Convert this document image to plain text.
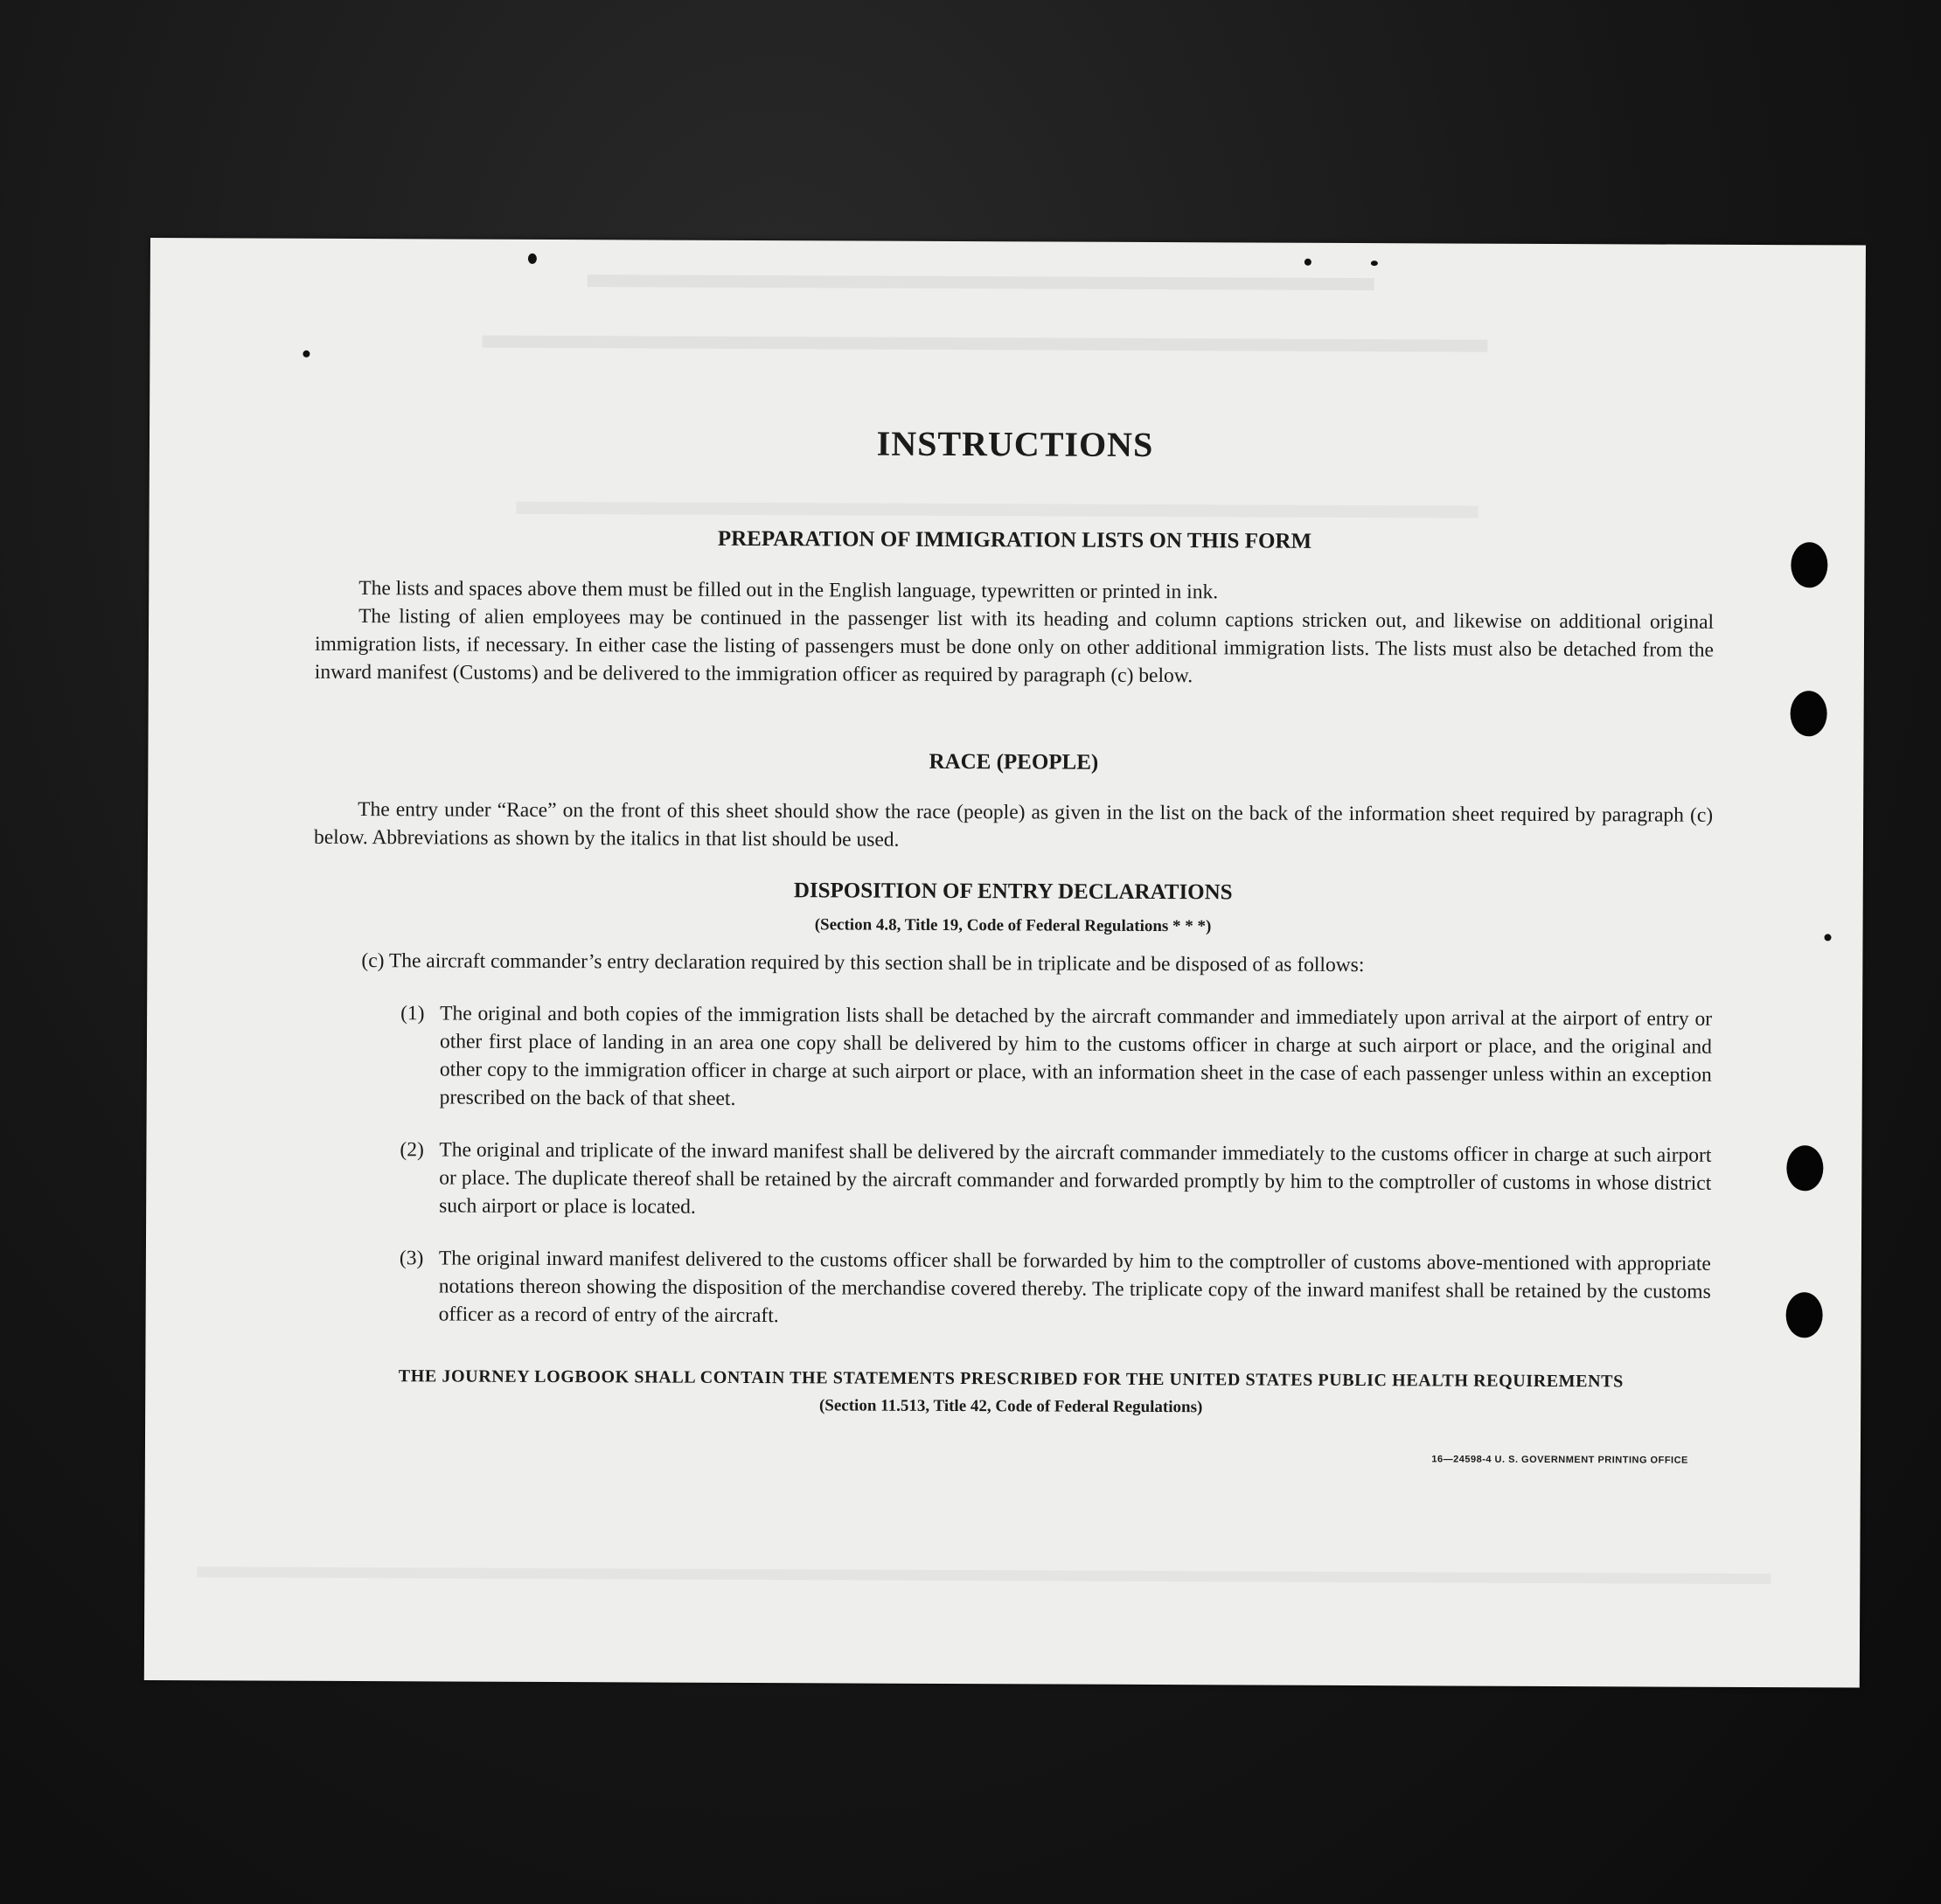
INSTRUCTIONS
PREPARATION OF IMMIGRATION LISTS ON THIS FORM

The lists and spaces above them must be filled out in the English language, typewritten or printed in ink.

The listing of alien employees may be continued in the passenger list with its heading and column captions stricken out, and likewise on additional original immigration lists, if necessary. In either case the listing of passengers must be done only on other additional immigration lists. The lists must also be detached from the inward manifest (Customs) and be delivered to the immigration officer as required by paragraph (c) below.

RACE (PEOPLE)

The entry under “Race” on the front of this sheet should show the race (people) as given in the list on the back of the information sheet required by paragraph (c) below. Abbreviations as shown by the italics in that list should be used.

DISPOSITION OF ENTRY DECLARATIONS
(Section 4.8, Title 19, Code of Federal Regulations * * *)

(c) The aircraft commander’s entry declaration required by this section shall be in triplicate and be disposed of as follows:

(1) The original and both copies of the immigration lists shall be detached by the aircraft commander and immediately upon arrival at the airport of entry or other first place of landing in an area one copy shall be delivered by him to the customs officer in charge at such airport or place, and the original and other copy to the immigration officer in charge at such airport or place, with an information sheet in the case of each passenger unless within an exception prescribed on the back of that sheet.
(2) The original and triplicate of the inward manifest shall be delivered by the aircraft commander immediately to the customs officer in charge at such airport or place. The duplicate thereof shall be retained by the aircraft commander and forwarded promptly by him to the comptroller of customs in whose district such airport or place is located.
(3) The original inward manifest delivered to the customs officer shall be forwarded by him to the comptroller of customs above-mentioned with appropriate notations thereon showing the disposition of the merchandise covered thereby. The triplicate copy of the inward manifest shall be retained by the customs officer as a record of entry of the aircraft.
THE JOURNEY LOGBOOK SHALL CONTAIN THE STATEMENTS PRESCRIBED FOR THE UNITED STATES PUBLIC HEALTH REQUIREMENTS
(Section 11.513, Title 42, Code of Federal Regulations)
16—24598-4 U. S. GOVERNMENT PRINTING OFFICE
